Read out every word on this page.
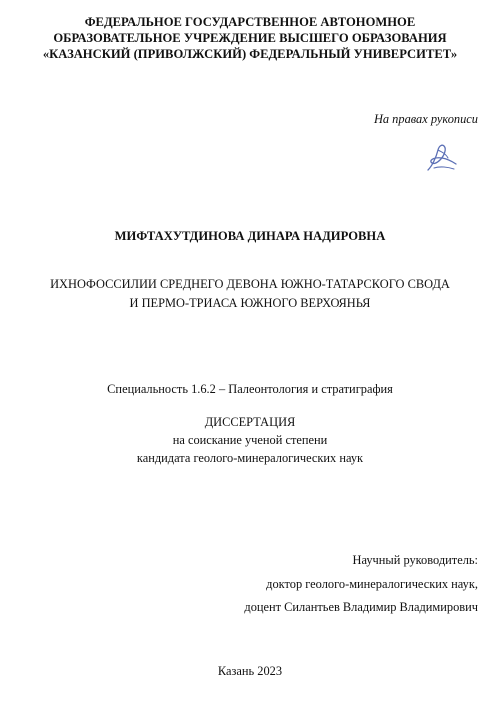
ФЕДЕРАЛЬНОЕ ГОСУДАРСТВЕННОЕ АВТОНОМНОЕ
ОБРАЗОВАТЕЛЬНОЕ УЧРЕЖДЕНИЕ ВЫСШЕГО ОБРАЗОВАНИЯ
«КАЗАНСКИЙ (ПРИВОЛЖСКИЙ) ФЕДЕРАЛЬНЫЙ УНИВЕРСИТЕТ»
На правах рукописи
МИФТАХУТДИНОВА ДИНАРА НАДИРОВНА
ИХНОФОССИЛИИ СРЕДНЕГО ДЕВОНА ЮЖНО-ТАТАРСКОГО СВОДА
И ПЕРМО-ТРИАСА ЮЖНОГО ВЕРХОЯНЬЯ
Специальность 1.6.2 – Палеонтология и стратиграфия
ДИССЕРТАЦИЯ
на соискание ученой степени
кандидата геолого-минералогических наук
Научный руководитель:
доктор геолого-минералогических наук,
доцент Силантьев Владимир Владимирович
Казань 2023
